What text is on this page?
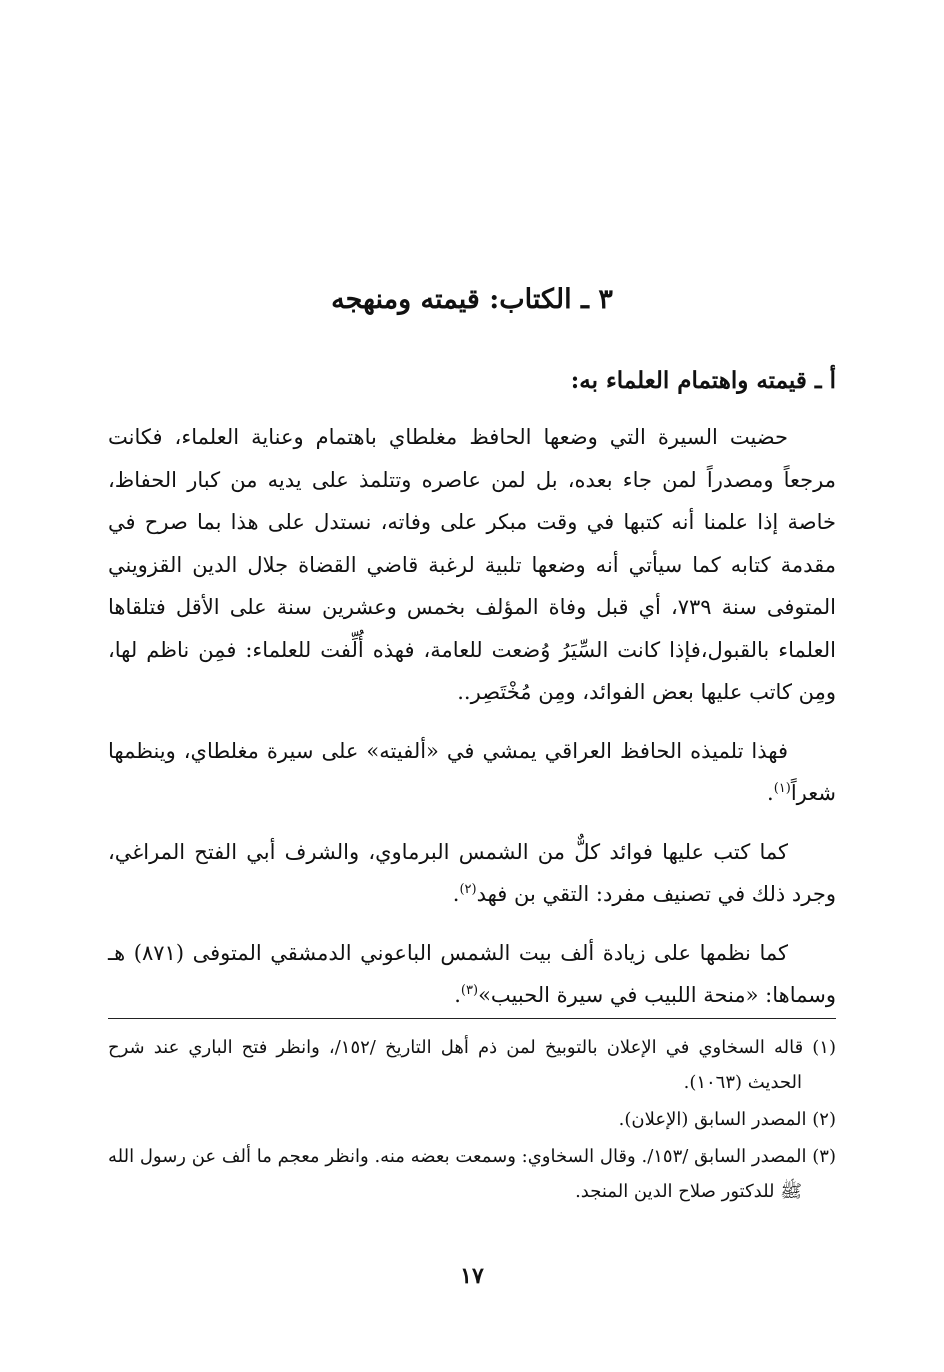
٣ ـ الكتاب: قيمته ومنهجه
أ ـ قيمته واهتمام العلماء به:

حضيت السيرة التي وضعها الحافظ مغلطاي باهتمام وعناية العلماء، فكانت مرجعاً ومصدراً لمن جاء بعده، بل لمن عاصره وتتلمذ على يديه من كبار الحفاظ، خاصة إذا علمنا أنه كتبها في وقت مبكر على وفاته، نستدل على هذا بما صرح في مقدمة كتابه كما سيأتي أنه وضعها تلبية لرغبة قاضي القضاة جلال الدين القزويني المتوفى سنة ٧٣٩، أي قبل وفاة المؤلف بخمس وعشرين سنة على الأقل فتلقاها العلماء بالقبول،فإذا كانت السِّيَرُ وُضعت للعامة، فهذه أُلِّفت للعلماء: فمِن ناظم لها، ومِن كاتب عليها بعض الفوائد، ومِن مُخْتَصِر..

فهذا تلميذه الحافظ العراقي يمشي في «ألفيته» على سيرة مغلطاي، وينظمها شعراً$^{(١)}$.

كما كتب عليها فوائد كلٌّ من الشمس البرماوي، والشرف أبي الفتح المراغي، وجرد ذلك في تصنيف مفرد: التقي بن فهد$^{(٢)}$.

كما نظمها على زيادة ألف بيت الشمس الباعوني الدمشقي المتوفى (٨٧١) هـ وسماها: «منحة اللبيب في سيرة الحبيب»$^{(٣)}$.

(١) قاله السخاوي في الإعلان بالتوبيخ لمن ذم أهل التاريخ /١٥٢/، وانظر فتح الباري عند شرح الحديث (١٠٦٣).

(٢) المصدر السابق (الإعلان).

(٣) المصدر السابق /١٥٣/. وقال السخاوي: وسمعت بعضه منه. وانظر معجم ما ألف عن رسول الله ﷺ للدكتور صلاح الدين المنجد.

١٧
